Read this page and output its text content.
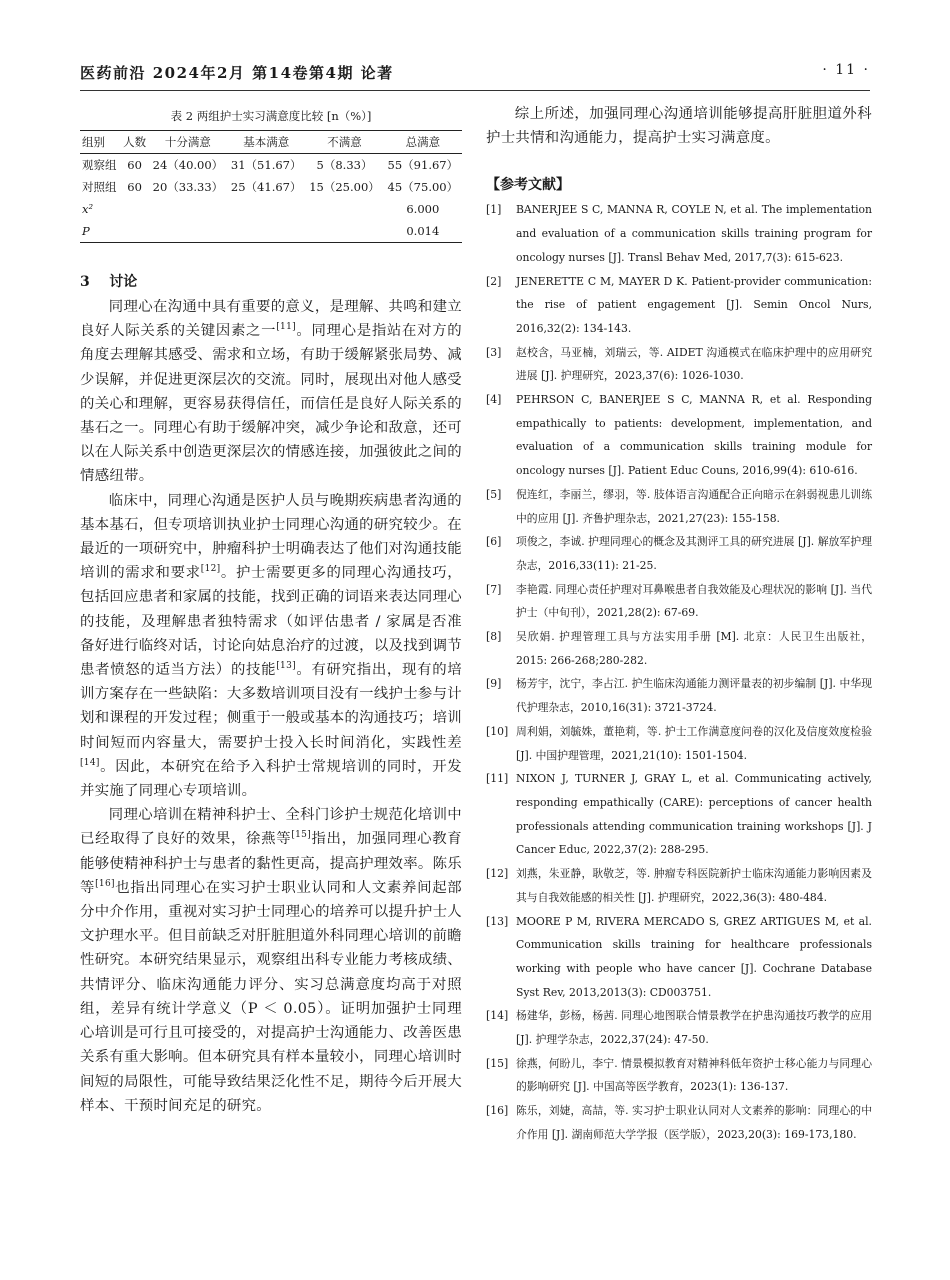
医药前沿 2024年2月 第14卷第4期 论著	· 11 ·
表 2 两组护士实习满意度比较 [n（%）]
组别	人数	十分满意	基本满意	不满意	总满意
观察组	60	24（40.00）	31（51.67）	5（8.33）	55（91.67）
对照组	60	20（33.33）	25（41.67）	15（25.00）	45（75.00）
x²					6.000
P					0.014
3 讨论

同理心在沟通中具有重要的意义，是理解、共鸣和建立良好人际关系的关键因素之一[11]。同理心是指站在对方的角度去理解其感受、需求和立场，有助于缓解紧张局势、减少误解，并促进更深层次的交流。同时，展现出对他人感受的关心和理解，更容易获得信任，而信任是良好人际关系的基石之一。同理心有助于缓解冲突，减少争论和敌意，还可以在人际关系中创造更深层次的情感连接，加强彼此之间的情感纽带。

临床中，同理心沟通是医护人员与晚期疾病患者沟通的基本基石，但专项培训执业护士同理心沟通的研究较少。在最近的一项研究中，肿瘤科护士明确表达了他们对沟通技能培训的需求和要求[12]。护士需要更多的同理心沟通技巧，包括回应患者和家属的技能，找到正确的词语来表达同理心的技能，及理解患者独特需求（如评估患者 / 家属是否准备好进行临终对话，讨论向姑息治疗的过渡，以及找到调节患者愤怒的适当方法）的技能[13]。有研究指出，现有的培训方案存在一些缺陷：大多数培训项目没有一线护士参与计划和课程的开发过程；侧重于一般或基本的沟通技巧；培训时间短而内容量大，需要护士投入长时间消化，实践性差[14]。因此，本研究在给予入科护士常规培训的同时，开发并实施了同理心专项培训。

同理心培训在精神科护士、全科门诊护士规范化培训中已经取得了良好的效果，徐燕等[15]指出，加强同理心教育能够使精神科护士与患者的黏性更高，提高护理效率。陈乐等[16]也指出同理心在实习护士职业认同和人文素养间起部分中介作用，重视对实习护士同理心的培养可以提升护士人文护理水平。但目前缺乏对肝脏胆道外科同理心培训的前瞻性研究。本研究结果显示，观察组出科专业能力考核成绩、共情评分、临床沟通能力评分、实习总满意度均高于对照组，差异有统计学意义（P ＜ 0.05）。证明加强护士同理心培训是可行且可接受的，对提高护士沟通能力、改善医患关系有重大影响。但本研究具有样本量较小，同理心培训时间短的局限性，可能导致结果泛化性不足，期待今后开展大样本、干预时间充足的研究。

综上所述，加强同理心沟通培训能够提高肝脏胆道外科护士共情和沟通能力，提高护士实习满意度。

【参考文献】
[1]	BANERJEE S C, MANNA R, COYLE N, et al. The implementation and evaluation of a communication skills training program for oncology nurses [J]. Transl Behav Med, 2017,7(3): 615-623.
[2]	JENERETTE C M, MAYER D K. Patient-provider communication: the rise of patient engagement [J]. Semin Oncol Nurs, 2016,32(2): 134-143.
[3]	赵校含，马亚楠，刘瑞云，等. AIDET 沟通模式在临床护理中的应用研究进展 [J]. 护理研究，2023,37(6): 1026-1030.
[4]	PEHRSON C, BANERJEE S C, MANNA R, et al. Responding empathically to patients: development, implementation, and evaluation of a communication skills training module for oncology nurses [J]. Patient Educ Couns, 2016,99(4): 610-616.
[5]	倪连红，李丽兰，缪羽，等. 肢体语言沟通配合正向暗示在斜弱视患儿训练中的应用 [J]. 齐鲁护理杂志，2021,27(23): 155-158.
[6]	项俊之，李诚. 护理同理心的概念及其测评工具的研究进展 [J]. 解放军护理杂志，2016,33(11): 21-25.
[7]	李艳霞. 同理心责任护理对耳鼻喉患者自我效能及心理状况的影响 [J]. 当代护士（中旬刊），2021,28(2): 67-69.
[8]	吴欣娟. 护理管理工具与方法实用手册 [M]. 北京：人民卫生出版社，2015: 266-268;280-282.
[9]	杨芳宇，沈宁，李占江. 护生临床沟通能力测评量表的初步编制 [J]. 中华现代护理杂志，2010,16(31): 3721-3724.
[10] 周利娟，刘毓姝，董艳莉，等. 护士工作满意度问卷的汉化及信度效度检验 [J]. 中国护理管理，2021,21(10): 1501-1504.
[11] NIXON J, TURNER J, GRAY L, et al. Communicating actively, responding empathically (CARE): perceptions of cancer health professionals attending communication training workshops [J]. J Cancer Educ, 2022,37(2): 288-295.
[12] 刘燕，朱亚静，耿敬芝，等. 肿瘤专科医院新护士临床沟通能力影响因素及其与自我效能感的相关性 [J]. 护理研究，2022,36(3): 480-484.
[13] MOORE P M, RIVERA MERCADO S, GREZ ARTIGUES M, et al. Communication skills training for healthcare professionals working with people who have cancer [J]. Cochrane Database Syst Rev, 2013,2013(3): CD003751.
[14] 杨建华，彭杨，杨茜. 同理心地图联合情景教学在护患沟通技巧教学的应用 [J]. 护理学杂志，2022,37(24): 47-50.
[15] 徐燕，何盼儿，李宁. 情景模拟教育对精神科低年资护士移心能力与同理心的影响研究 [J]. 中国高等医学教育，2023(1): 136-137.
[16] 陈乐，刘婕，高喆，等. 实习护士职业认同对人文素养的影响：同理心的中介作用 [J]. 湖南师范大学学报（医学版），2023,20(3): 169-173,180.
